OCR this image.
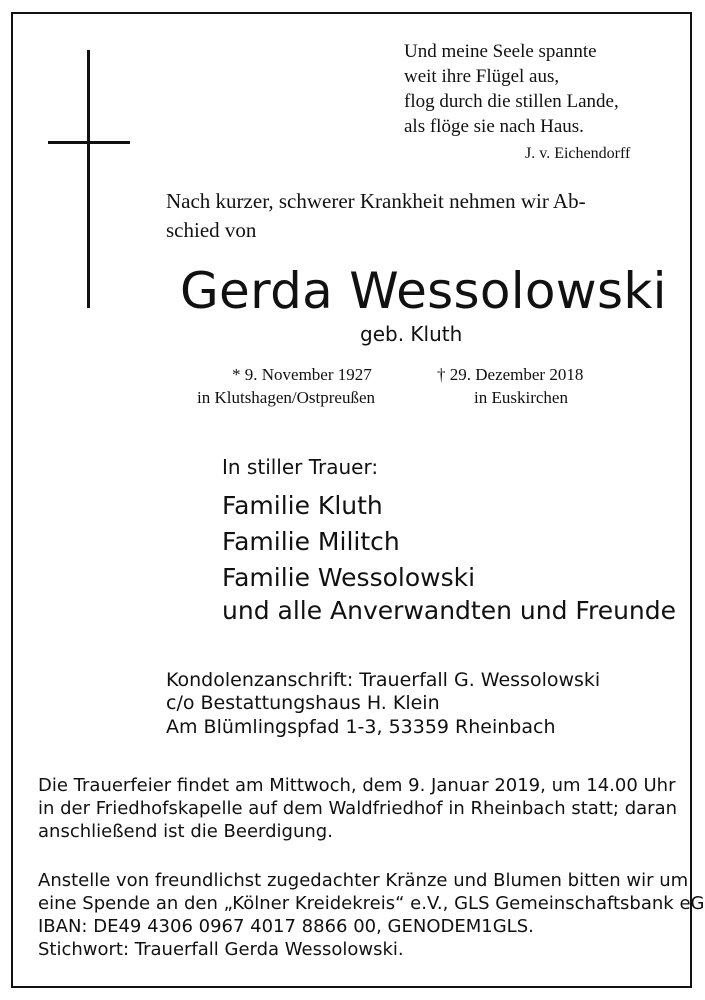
Und meine Seele spannte

weit ihre Flügel aus,

flog durch die stillen Lande,

als flöge sie nach Haus.

J. v. Eichendorff

Nach kurzer, schwerer Krankheit nehmen wir Ab-

schied von

Gerda Wessolowski

geb. Kluth

* 9. November 1927

in Klutshagen/Ostpreußen

† 29. Dezember 2018

in Euskirchen

In stiller Trauer:

Familie Kluth

Familie Militch

Familie Wessolowski

und alle Anverwandten und Freunde

Kondolenzanschrift: Trauerfall G. Wessolowski

c/o Bestattungshaus H. Klein

Am Blümlingspfad 1-3, 53359 Rheinbach

Die Trauerfeier findet am Mittwoch, dem 9. Januar 2019, um 14.00 Uhr

in der Friedhofskapelle auf dem Waldfriedhof in Rheinbach statt; daran

anschließend ist die Beerdigung.

Anstelle von freundlichst zugedachter Kränze und Blumen bitten wir um

eine Spende an den „Kölner Kreidekreis“ e.V., GLS Gemeinschaftsbank eG

IBAN: DE49 4306 0967 4017 8866 00, GENODEM1GLS.

Stichwort: Trauerfall Gerda Wessolowski.
